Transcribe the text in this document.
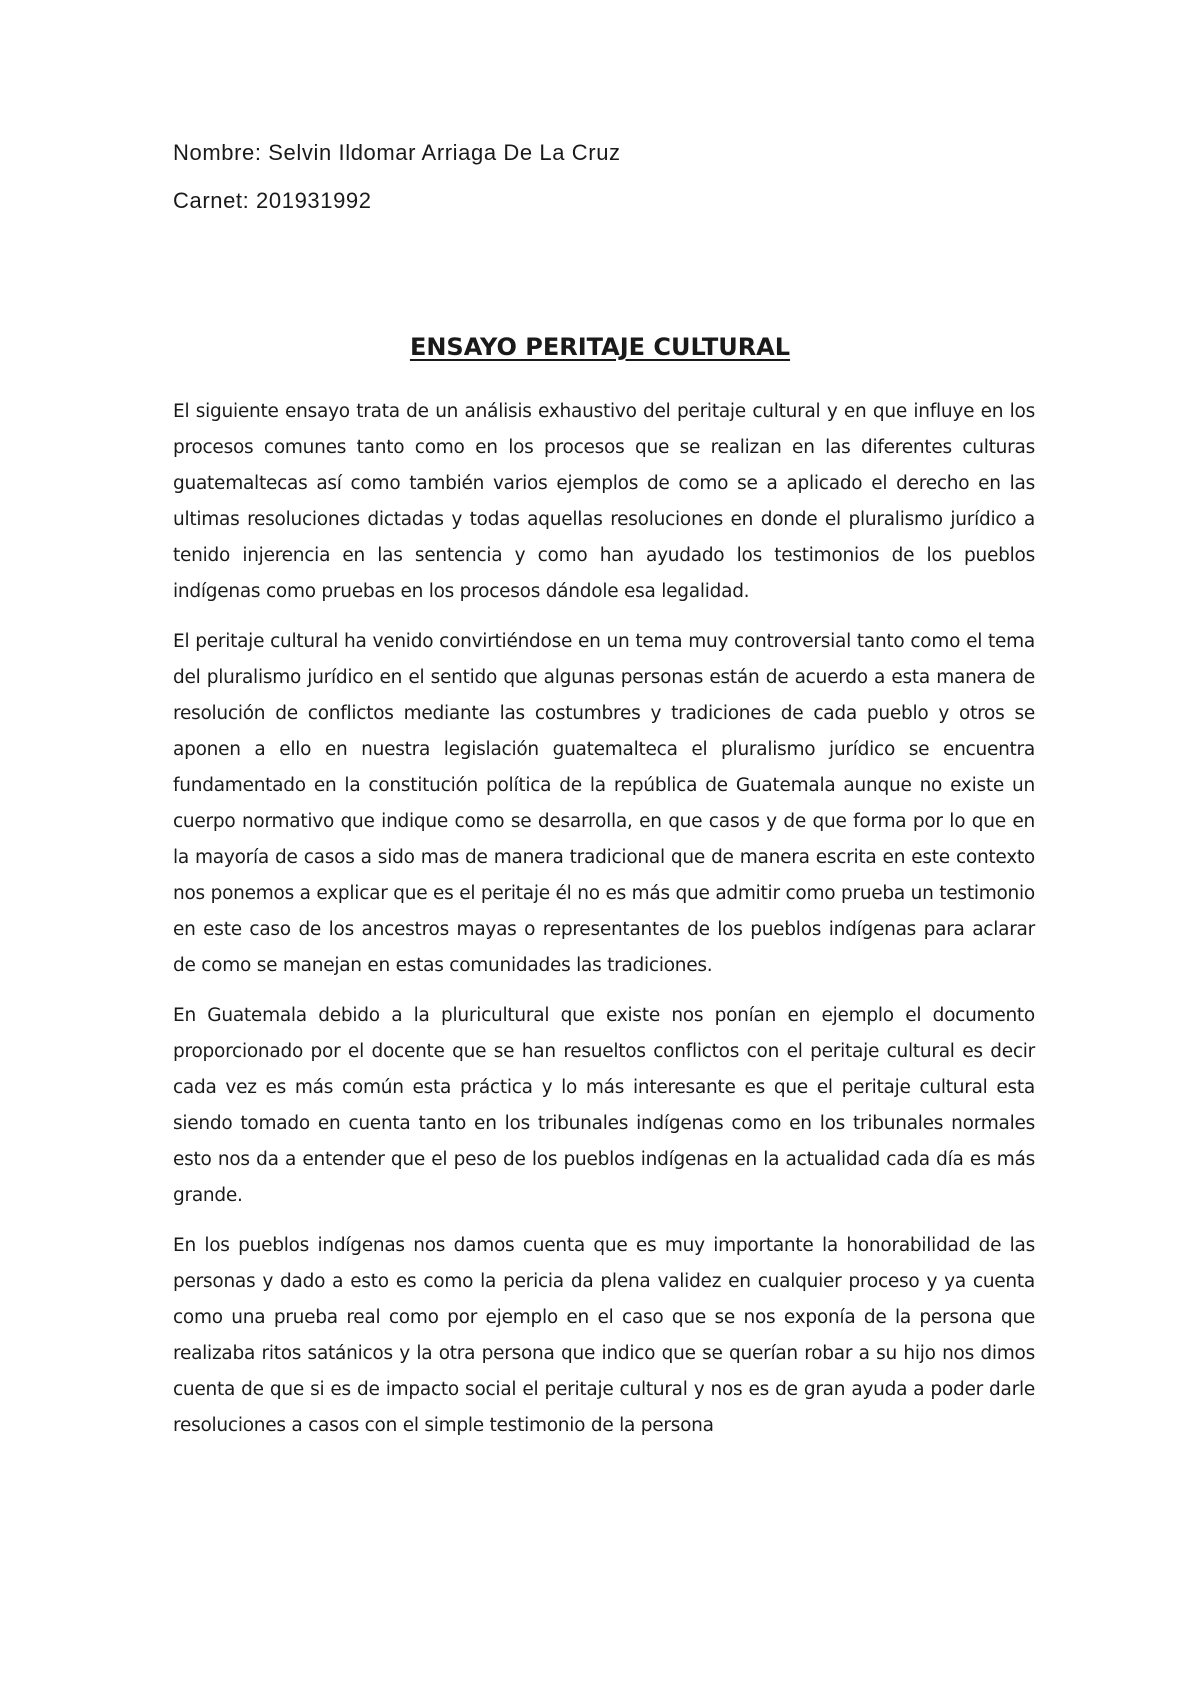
Nombre: Selvin Ildomar Arriaga De La Cruz

Carnet: 201931992

ENSAYO PERITAJE CULTURAL

El siguiente ensayo trata de un análisis exhaustivo del peritaje cultural y en que influye en los procesos comunes tanto como en los procesos que se realizan en las diferentes culturas guatemaltecas así como también varios ejemplos de como se a aplicado el derecho en las ultimas resoluciones dictadas y todas aquellas resoluciones en donde el pluralismo jurídico a tenido injerencia en las sentencia y como han ayudado los testimonios de los pueblos indígenas como pruebas en los procesos dándole esa legalidad.

El peritaje cultural ha venido convirtiéndose en un tema muy controversial tanto como el tema del pluralismo jurídico en el sentido que algunas personas están de acuerdo a esta manera de resolución de conflictos mediante las costumbres y tradiciones de cada pueblo y otros se aponen a ello en nuestra legislación guatemalteca el pluralismo jurídico se encuentra fundamentado en la constitución política de la república de Guatemala aunque no existe un cuerpo normativo que indique como se desarrolla, en que casos y de que forma por lo que en la mayoría de casos a sido mas de manera tradicional que de manera escrita en este contexto nos ponemos a explicar que es el peritaje él no es más que admitir como prueba un testimonio en este caso de los ancestros mayas o representantes de los pueblos indígenas para aclarar de como se manejan en estas comunidades las tradiciones.

En Guatemala debido a la pluricultural que existe nos ponían en ejemplo el documento proporcionado por el docente que se han resueltos conflictos con el peritaje cultural es decir cada vez es más común esta práctica y lo más interesante es que el peritaje cultural esta siendo tomado en cuenta tanto en los tribunales indígenas como en los tribunales normales esto nos da a entender que el peso de los pueblos indígenas en la actualidad cada día es más grande.

En los pueblos indígenas nos damos cuenta que es muy importante la honorabilidad de las personas y dado a esto es como la pericia da plena validez en cualquier proceso y ya cuenta como una prueba real como por ejemplo en el caso que se nos exponía de la persona que realizaba ritos satánicos y la otra persona que indico que se querían robar a su hijo nos dimos cuenta de que si es de impacto social el peritaje cultural y nos es de gran ayuda a poder darle resoluciones a casos con el simple testimonio de la persona
